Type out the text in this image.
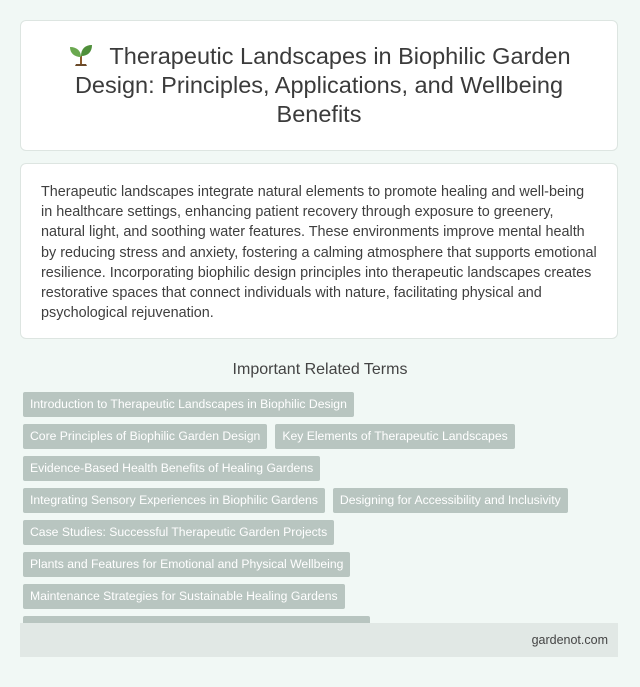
Therapeutic Landscapes in Biophilic Garden Design: Principles, Applications, and Wellbeing Benefits

Therapeutic landscapes integrate natural elements to promote healing and well-being in healthcare settings, enhancing patient recovery through exposure to greenery, natural light, and soothing water features. These environments improve mental health by reducing stress and anxiety, fostering a calming atmosphere that supports emotional resilience. Incorporating biophilic design principles into therapeutic landscapes creates restorative spaces that connect individuals with nature, facilitating physical and psychological rejuvenation.

Important Related Terms
Introduction to Therapeutic Landscapes in Biophilic Design
Core Principles of Biophilic Garden Design	Key Elements of Therapeutic Landscapes
Evidence-Based Health Benefits of Healing Gardens
Integrating Sensory Experiences in Biophilic Gardens	Designing for Accessibility and Inclusivity
Case Studies: Successful Therapeutic Garden Projects
Plants and Features for Emotional and Physical Wellbeing
Maintenance Strategies for Sustainable Healing Gardens
gardenot.com
